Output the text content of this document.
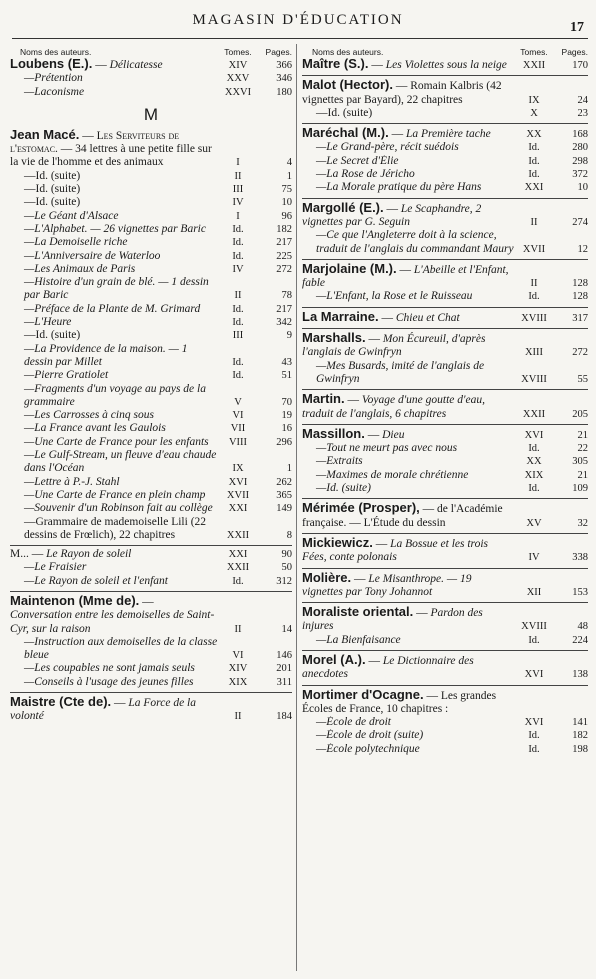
MAGASIN D'ÉDUCATION	17
Noms des auteurs.	Tomes.	Pages.
Loubens (E.). — Délicatesse	XIV	366
— Prétention	XXV	346
— Laconisme	XXVI	180
M
Jean Macé. — Les Serviteurs de l'estomac. — 34 lettres à une petite fille sur la vie de l'homme et des animaux	I	4
— Id. (suite)	II	1
— Id. (suite)	III	75
— Id. (suite)	IV	10
— Le Géant d'Alsace	I	96
— L'Alphabet. — 26 vignettes par Baric	Id.	182
— La Demoiselle riche	Id.	217
— L'Anniversaire de Waterloo	Id.	225
— Les Animaux de Paris	IV	272
— Histoire d'un grain de blé. — 1 dessin par Baric	II	78
— Préface de la Plante de M. Grimard	Id.	217
— L'Heure	Id.	342
— Id. (suite)	III	9
— La Providence de la maison. — 1 dessin par Millet	Id.	43
— Pierre Gratiolet	Id.	51
— Fragments d'un voyage au pays de la grammaire	V	70
— Les Carrosses à cinq sous	VI	19
— La France avant les Gaulois	VII	16
— Une Carte de France pour les enfants	VIII	296
— Le Gulf-Stream, un fleuve d'eau chaude dans l'Océan	IX	1
— Lettre à P.-J. Stahl	XVI	262
— Une Carte de France en plein champ	XVII	365
— Souvenir d'un Robinson fait au collège	XXI	149
— Grammaire de mademoiselle Lili (22 dessins de Frœlich), 22 chapitres	XXII	8
M... — Le Rayon de soleil	XXI	90
— Le Fraisier	XXII	50
— Le Rayon de soleil et l'enfant	Id.	312
Maintenon (Mme de). — Conversation entre les demoiselles de Saint-Cyr, sur la raison	II	14
— Instruction aux demoiselles de la classe bleue	VI	146
— Les coupables ne sont jamais seuls	XIV	201
— Conseils à l'usage des jeunes filles	XIX	311
Maistre (Cte de). — La Force de la volonté	II	184
Noms des auteurs.	Tomes.	Pages.
Maître (S.). — Les Violettes sous la neige	XXII	170
Malot (Hector). — Romain Kalbris (42 vignettes par Bayard), 22 chapitres	IX	24
— Id. (suite)	X	23
Maréchal (M.). — La Première tache	XX	168
— Le Grand-père, récit suédois	Id.	280
— Le Secret d'Élie	Id.	298
— La Rose de Jéricho	Id.	372
— La Morale pratique du père Hans	XXI	10
Margollé (E.). — Le Scaphandre, 2 vignettes par G. Seguin	II	274
— Ce que l'Angleterre doit à la science, traduit de l'anglais du commandant Maury XVII	12
Marjolaine (M.). — L'Abeille et l'Enfant, fable	II	128
— L'Enfant, la Rose et le Ruisseau	Id.	128
La Marraine. — Chieu et Chat	XVIII	317
Marshalls. — Mon Écureuil, d'après l'anglais de Gwinfryn	XIII	272
— Mes Busards, imité de l'anglais de Gwinfryn	XVIII	55
Martin. — Voyage d'une goutte d'eau, traduit de l'anglais, 6 chapitres	XXII	205
Massillon. — Dieu	XVI	21
— Tout ne meurt pas avec nous	Id.	22
— Extraits	XX	305
— Maximes de morale chrétienne	XIX	21
— Id. (suite)	Id.	109
Mérimée (Prosper), — de l'Académie française. — L'Étude du dessin	XV	32
Mickiewicz. — La Bossue et les trois Fées, conte polonais	IV	338
Molière. — Le Misanthrope. — 19 vignettes par Tony Johannot	XII	153
Moraliste oriental. — Pardon des injures	XVIII	48
— La Bienfaisance	Id.	224
Morel (A.). — Le Dictionnaire des anecdotes	XVI	138
Mortimer d'Ocagne. — Les grandes Écoles de France, 10 chapitres :
— École de droit	XVI	141
— École de droit (suite)	Id.	182
— École polytechnique	Id.	198
